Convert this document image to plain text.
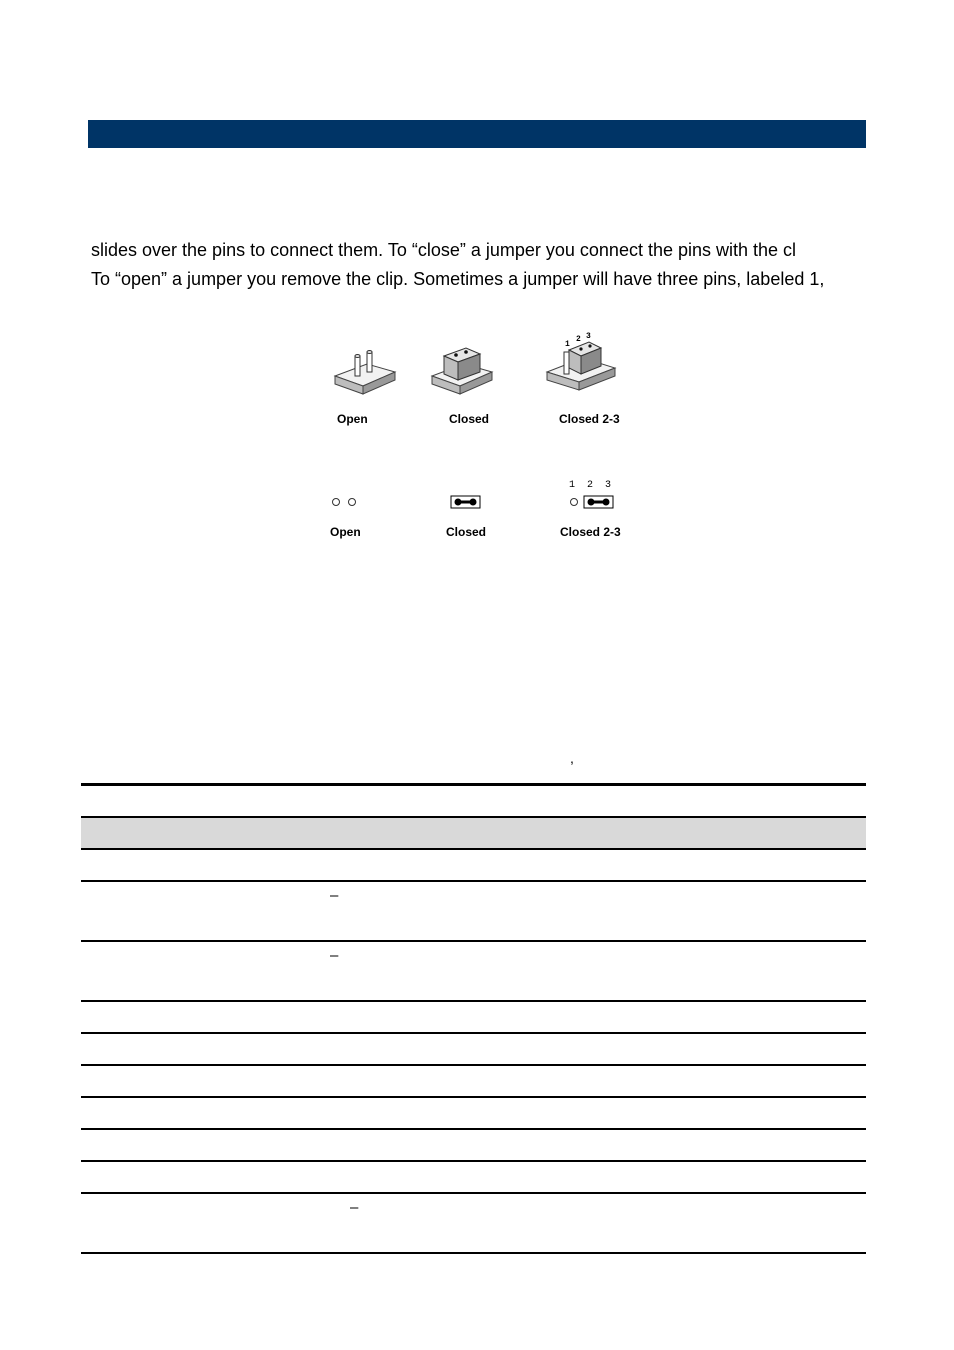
slides over the pins to connect them. To “close” a jumper you connect the pins with the cl
To “open” a jumper you remove the clip. Sometimes a jumper will have three pins, labeled 1,
Open	Closed
1
2 3
Closed 2-3
Open	Closed
1  2  3
Closed 2-3
,
–
–
–
